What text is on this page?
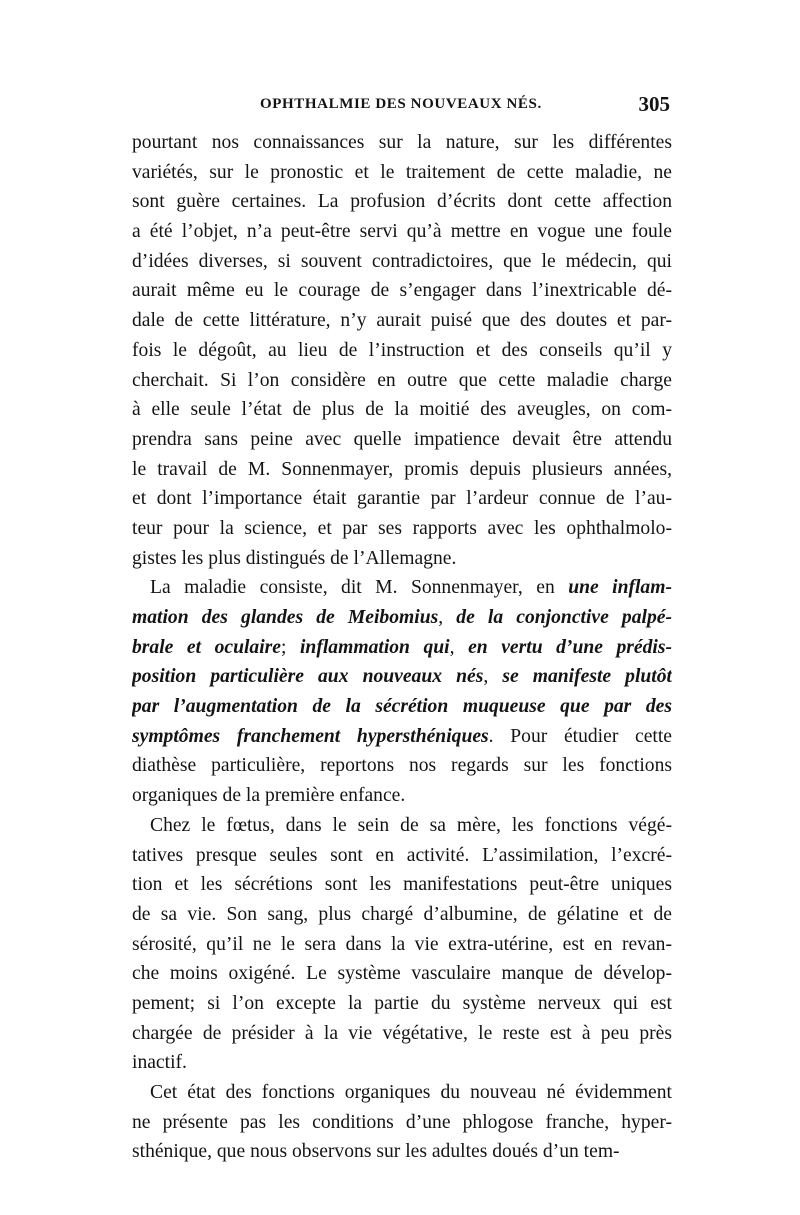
OPHTHALMIE DES NOUVEAUX NÉS.	305
pourtant nos connaissances sur la nature, sur les différentes
variétés, sur le pronostic et le traitement de cette maladie, ne
sont guère certaines. La profusion d’écrits dont cette affection
a été l’objet, n’a peut-être servi qu’à mettre en vogue une foule
d’idées diverses, si souvent contradictoires, que le médecin, qui
aurait même eu le courage de s’engager dans l’inextricable dé-
dale de cette littérature, n’y aurait puisé que des doutes et par-
fois le dégoût, au lieu de l’instruction et des conseils qu’il y
cherchait. Si l’on considère en outre que cette maladie charge
à elle seule l’état de plus de la moitié des aveugles, on com-
prendra sans peine avec quelle impatience devait être attendu
le travail de M. Sonnenmayer, promis depuis plusieurs années,
et dont l’importance était garantie par l’ardeur connue de l’au-
teur pour la science, et par ses rapports avec les ophthalmolo-
gistes les plus distingués de l’Allemagne.
La maladie consiste, dit M. Sonnenmayer, en une inflam-
mation des glandes de Meibomius, de la conjonctive palpé-
brale et oculaire; inflammation qui, en vertu d’une prédis-
position particulière aux nouveaux nés, se manifeste plutôt
par l’augmentation de la sécrétion muqueuse que par des
symptômes franchement hypersthéniques. Pour étudier cette
diathèse particulière, reportons nos regards sur les fonctions
organiques de la première enfance.
Chez le fœtus, dans le sein de sa mère, les fonctions végé-
tatives presque seules sont en activité. L’assimilation, l’excré-
tion et les sécrétions sont les manifestations peut-être uniques
de sa vie. Son sang, plus chargé d’albumine, de gélatine et de
sérosité, qu’il ne le sera dans la vie extra-utérine, est en revan-
che moins oxigéné. Le système vasculaire manque de dévelop-
pement; si l’on excepte la partie du système nerveux qui est
chargée de présider à la vie végétative, le reste est à peu près
inactif.
Cet état des fonctions organiques du nouveau né évidemment
ne présente pas les conditions d’une phlogose franche, hyper-
sthénique, que nous observons sur les adultes doués d’un tem-
